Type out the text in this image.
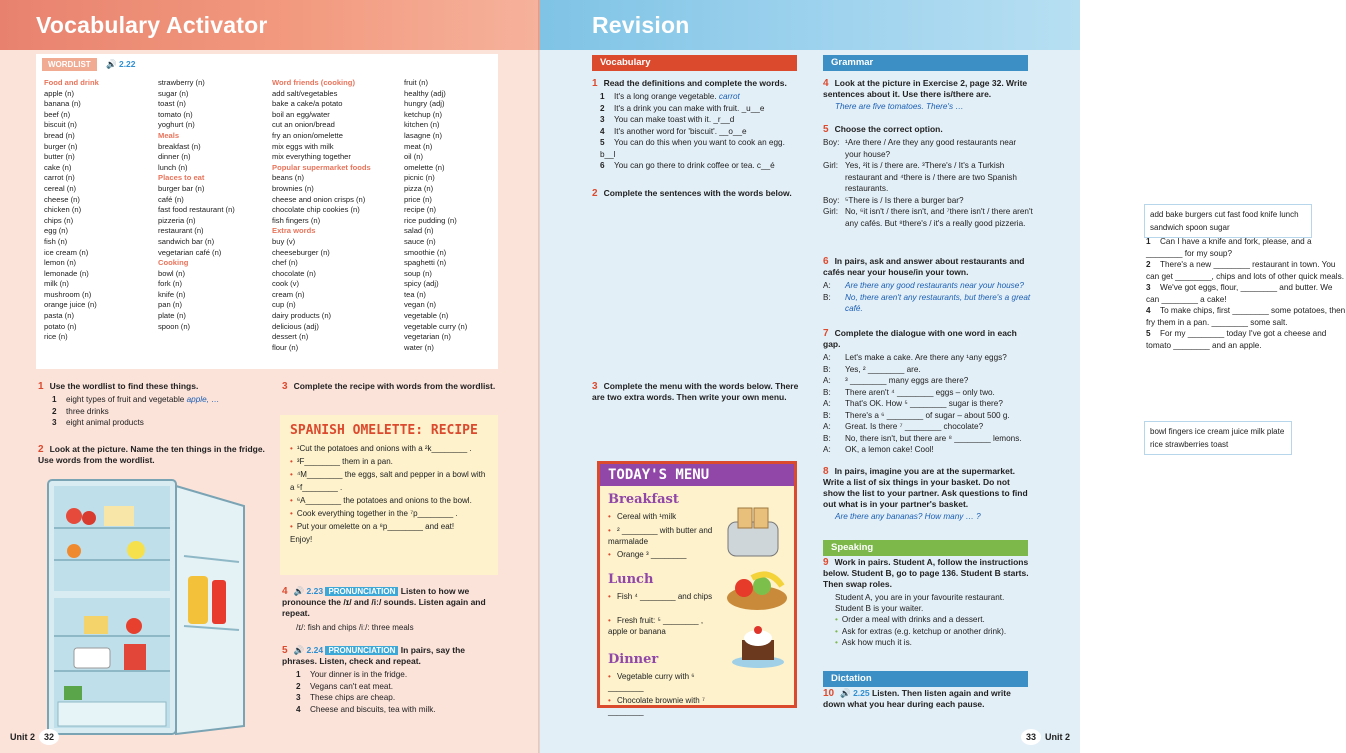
Vocabulary Activator
WORDLIST	🔊 2.22
Food and drink
apple (n)
banana (n)
beef (n)
biscuit (n)
bread (n)
burger (n)
butter (n)
cake (n)
carrot (n)
cereal (n)
cheese (n)
chicken (n)
chips (n)
egg (n)
fish (n)
ice cream (n)
lemon (n)
lemonade (n)
milk (n)
mushroom (n)
orange juice (n)
pasta (n)
potato (n)
rice (n)
strawberry (n)
sugar (n)
toast (n)
tomato (n)
yoghurt (n)
Meals
breakfast (n)
dinner (n)
lunch (n)
Places to eat
burger bar (n)
café (n)
fast food restaurant (n)
pizzeria (n)
restaurant (n)
sandwich bar (n)
vegetarian café (n)
Cooking
bowl (n)
fork (n)
knife (n)
pan (n)
plate (n)
spoon (n)
Word friends (cooking)
add salt/vegetables
bake a cake/a potato
boil an egg/water
cut an onion/bread
fry an onion/omelette
mix eggs with milk
mix everything together
Popular supermarket foods
beans (n)
brownies (n)
cheese and onion crisps (n)
chocolate chip cookies (n)
fish fingers (n)
Extra words
buy (v)
cheeseburger (n)
chef (n)
chocolate (n)
cook (v)
cream (n)
cup (n)
dairy products (n)
delicious (adj)
dessert (n)
flour (n)
fruit (n)
healthy (adj)
hungry (adj)
ketchup (n)
kitchen (n)
lasagne (n)
meat (n)
oil (n)
omelette (n)
picnic (n)
pizza (n)
price (n)
recipe (n)
rice pudding (n)
salad (n)
sauce (n)
smoothie (n)
spaghetti (n)
soup (n)
spicy (adj)
tea (n)
vegan (n)
vegetable (n)
vegetable curry (n)
vegetarian (n)
water (n)
1 Use the wordlist to find these things.
1 eight types of fruit and vegetable apple, …
2 three drinks
3 eight animal products
2 Look at the picture. Name the ten things in the fridge. Use words from the wordlist.
3 Complete the recipe with words from the wordlist.
SPANISH OMELETTE: RECIPE
• ¹Cut the potatoes and onions with a ²k________ .
• ³F________ them in a pan.
• ⁴M________ the eggs, salt and pepper in a bowl with a ⁵f________ .
• ⁶A________ the potatoes and onions to the bowl.
• Cook everything together in the ⁷p________ .
• Put your omelette on a ⁸p________ and eat!
Enjoy!
4 🔊 2.23 PRONUNCIATION Listen to how we pronounce the /ɪ/ and /iː/ sounds. Listen again and repeat.
/ɪ/: fish and chips /iː/: three meals
5 🔊 2.24 PRONUNCIATION In pairs, say the phrases. Listen, check and repeat.
1 Your dinner is in the fridge.
2 Vegans can't eat meat.
3 These chips are cheap.
4 Cheese and biscuits, tea with milk.
Unit 2 32
Revision
Vocabulary	Grammar
1 Read the definitions and complete the words.
1 It's a long orange vegetable. carrot
2 It's a drink you can make with fruit. _u__e
3 You can make toast with it. _r__d
4 It's another word for 'biscuit'. __o__e
5 You can do this when you want to cook an egg. b__l
6 You can go there to drink coffee or tea. c__é
2 Complete the sentences with the words below.
add bake burgers cut fast food knife lunch sandwich spoon sugar
1 Can I have a knife and fork, please, and a ________ for my soup?
2 There's a new ________ restaurant in town. You can get ________, chips and lots of other quick meals.
3 We've got eggs, flour, ________ and butter. We can ________ a cake!
4 To make chips, first ________ some potatoes, then fry them in a pan. ________ some salt.
5 For my ________ today I've got a cheese and tomato ________ and an apple.
3 Complete the menu with the words below. There are two extra words. Then write your own menu.
bowl fingers ice cream juice milk plate rice strawberries toast
4 Look at the picture in Exercise 2, page 32. Write sentences about it. Use there is/there are.
There are five tomatoes. There's …
5 Choose the correct option.
Boy: ¹Are there / Are they any good restaurants near your house?
Girl: Yes, ²it is / there are. ³There's / It's a Turkish restaurant and ⁴there is / there are two Spanish restaurants.
Boy: ⁵There is / Is there a burger bar?
Girl: No, ⁶it isn't / there isn't, and ⁷there isn't / there aren't any cafés. But ⁸there's / it's a really good pizzeria.
6 In pairs, ask and answer about restaurants and cafés near your house/in your town.
A:	Are there any good restaurants near your house?
B:	No, there aren't any restaurants, but there's a great café.
7 Complete the dialogue with one word in each gap.
A:	Let's make a cake. Are there any ¹any eggs?
B:	Yes, ² ________ are.
A:	³ ________ many eggs are there?
B:	There aren't ⁴ ________ eggs – only two.
A:	That's OK. How ⁵ ________ sugar is there?
B:	There's a ⁶ ________ of sugar – about 500 g.
A:	Great. Is there ⁷ ________ chocolate?
B:	No, there isn't, but there are ⁸ ________ lemons.
A:	OK, a lemon cake! Cool!
8 In pairs, imagine you are at the supermarket. Write a list of six things in your basket. Do not show the list to your partner. Ask questions to find out what is in your partner's basket.
Are there any bananas? How many … ?
Speaking
9 Work in pairs. Student A, follow the instructions below. Student B, go to page 136. Student B starts. Then swap roles.
Student A, you are in your favourite restaurant. Student B is your waiter.
• Order a meal with drinks and a dessert.
• Ask for extras (e.g. ketchup or another drink).
• Ask how much it is.
Dictation
10 🔊 2.25 Listen. Then listen again and write down what you hear during each pause.
33 Unit 2
TODAY'S MENU
Breakfast
• Cereal with ¹milk
• ² ________ with butter and marmalade
• Orange ³ ________
Lunch
• Fish ⁴ ________ and chips
• Fresh fruit: ⁵ ________ , apple or banana
Dinner
• Vegetable curry with ⁶ ________
• Chocolate brownie with ⁷ ________
